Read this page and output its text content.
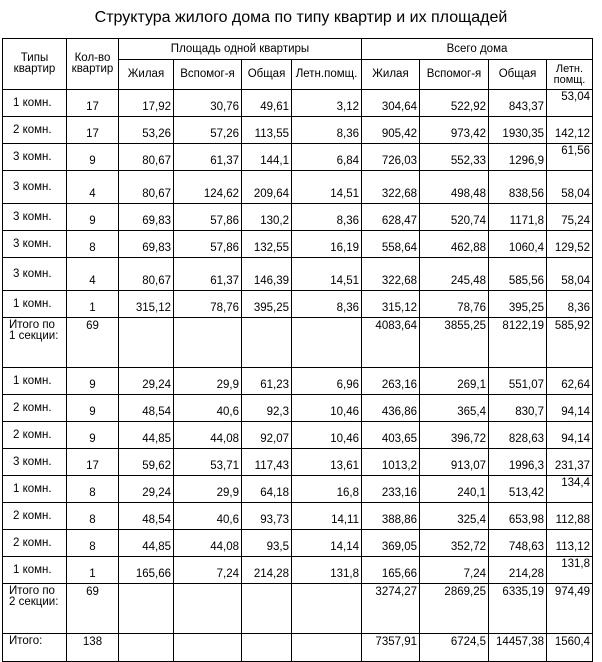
Структура жилого дома по типу квартир и их площадей
Типы квартир	Кол-во квартир	Площадь одной квартиры				Всего дома			
		Жилая	Вспомог-я	Общая	Летн.помщ.	Жилая	Вспомог-я	Общая	Летн. помщ.
1 комн.	17	17,92	30,76	49,61	3,12	304,64	522,92	843,37	53,04
2 комн.	17	53,26	57,26	113,55	8,36	905,42	973,42	1930,35	142,12
3 комн.	9	80,67	61,37	144,1	6,84	726,03	552,33	1296,9	61,56
3 комн.	4	80,67	124,62	209,64	14,51	322,68	498,48	838,56	58,04
3 комн.	9	69,83	57,86	130,2	8,36	628,47	520,74	1171,8	75,24
3 комн.	8	69,83	57,86	132,55	16,19	558,64	462,88	1060,4	129,52
3 комн.	4	80,67	61,37	146,39	14,51	322,68	245,48	585,56	58,04
1 комн.	1	315,12	78,76	395,25	8,36	315,12	78,76	395,25	8,36
Итого по 1 секции:	69					4083,64	3855,25	8122,19	585,92
1 комн.	9	29,24	29,9	61,23	6,96	263,16	269,1	551,07	62,64
2 комн.	9	48,54	40,6	92,3	10,46	436,86	365,4	830,7	94,14
2 комн.	9	44,85	44,08	92,07	10,46	403,65	396,72	828,63	94,14
3 комн.	17	59,62	53,71	117,43	13,61	1013,2	913,07	1996,3	231,37
1 комн.	8	29,24	29,9	64,18	16,8	233,16	240,1	513,42	134,4
2 комн.	8	48,54	40,6	93,73	14,11	388,86	325,4	653,98	112,88
2 комн.	8	44,85	44,08	93,5	14,14	369,05	352,72	748,63	113,12
1 комн.	1	165,66	7,24	214,28	131,8	165,66	7,24	214,28	131,8
Итого по 2 секции:	69					3274,27	2869,25	6335,19	974,49
Итого:	138					7357,91	6724,5	14457,38	1560,4
